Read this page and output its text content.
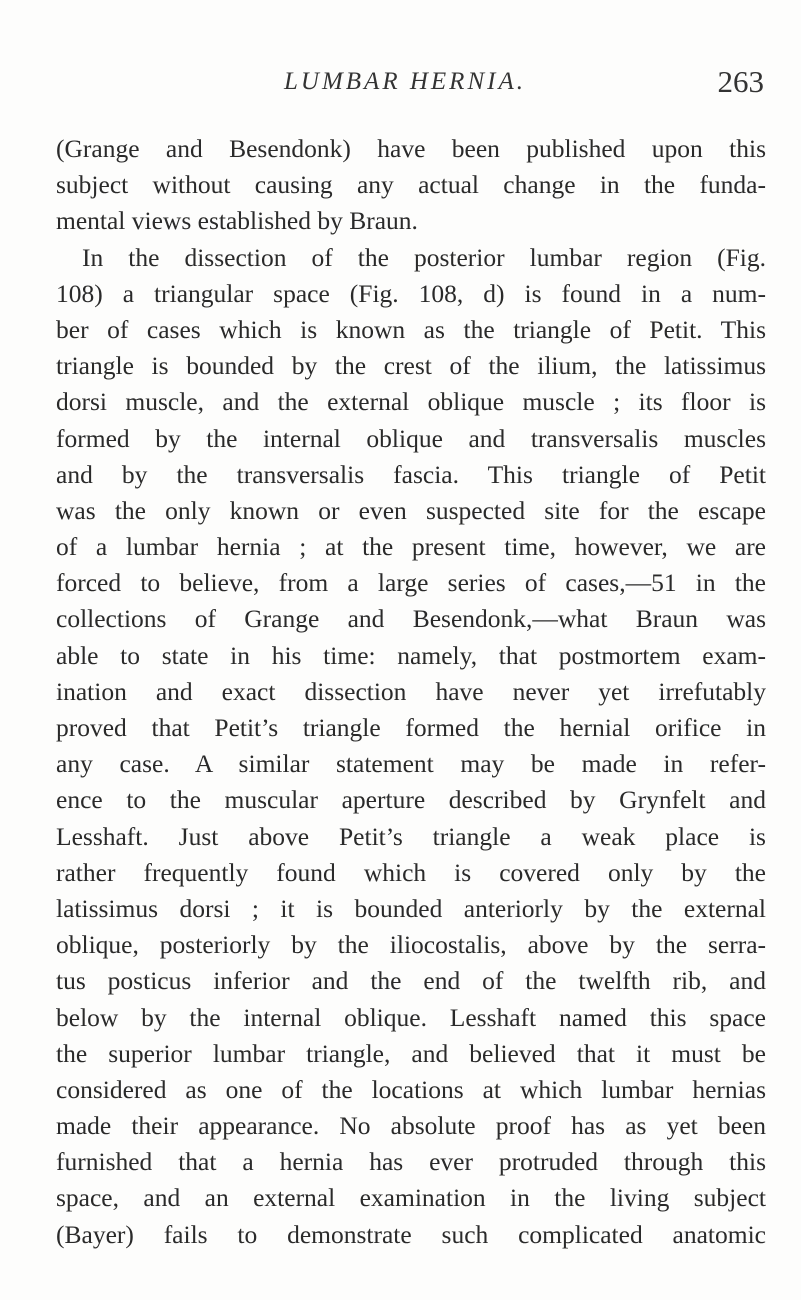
LUMBAR HERNIA.	263
(Grange and Besendonk) have been published upon this
subject without causing any actual change in the funda-
mental views established by Braun.
In the dissection of the posterior lumbar region (Fig.
108) a triangular space (Fig. 108, d) is found in a num-
ber of cases which is known as the triangle of Petit. This
triangle is bounded by the crest of the ilium, the latissimus
dorsi muscle, and the external oblique muscle ; its floor is
formed by the internal oblique and transversalis muscles
and by the transversalis fascia. This triangle of Petit
was the only known or even suspected site for the escape
of a lumbar hernia ; at the present time, however, we are
forced to believe, from a large series of cases,—51 in the
collections of Grange and Besendonk,—what Braun was
able to state in his time: namely, that postmortem exam-
ination and exact dissection have never yet irrefutably
proved that Petit’s triangle formed the hernial orifice in
any case. A similar statement may be made in refer-
ence to the muscular aperture described by Grynfelt and
Lesshaft. Just above Petit’s triangle a weak place is
rather frequently found which is covered only by the
latissimus dorsi ; it is bounded anteriorly by the external
oblique, posteriorly by the iliocostalis, above by the serra-
tus posticus inferior and the end of the twelfth rib, and
below by the internal oblique. Lesshaft named this space
the superior lumbar triangle, and believed that it must be
considered as one of the locations at which lumbar hernias
made their appearance. No absolute proof has as yet been
furnished that a hernia has ever protruded through this
space, and an external examination in the living subject
(Bayer) fails to demonstrate such complicated anatomic
